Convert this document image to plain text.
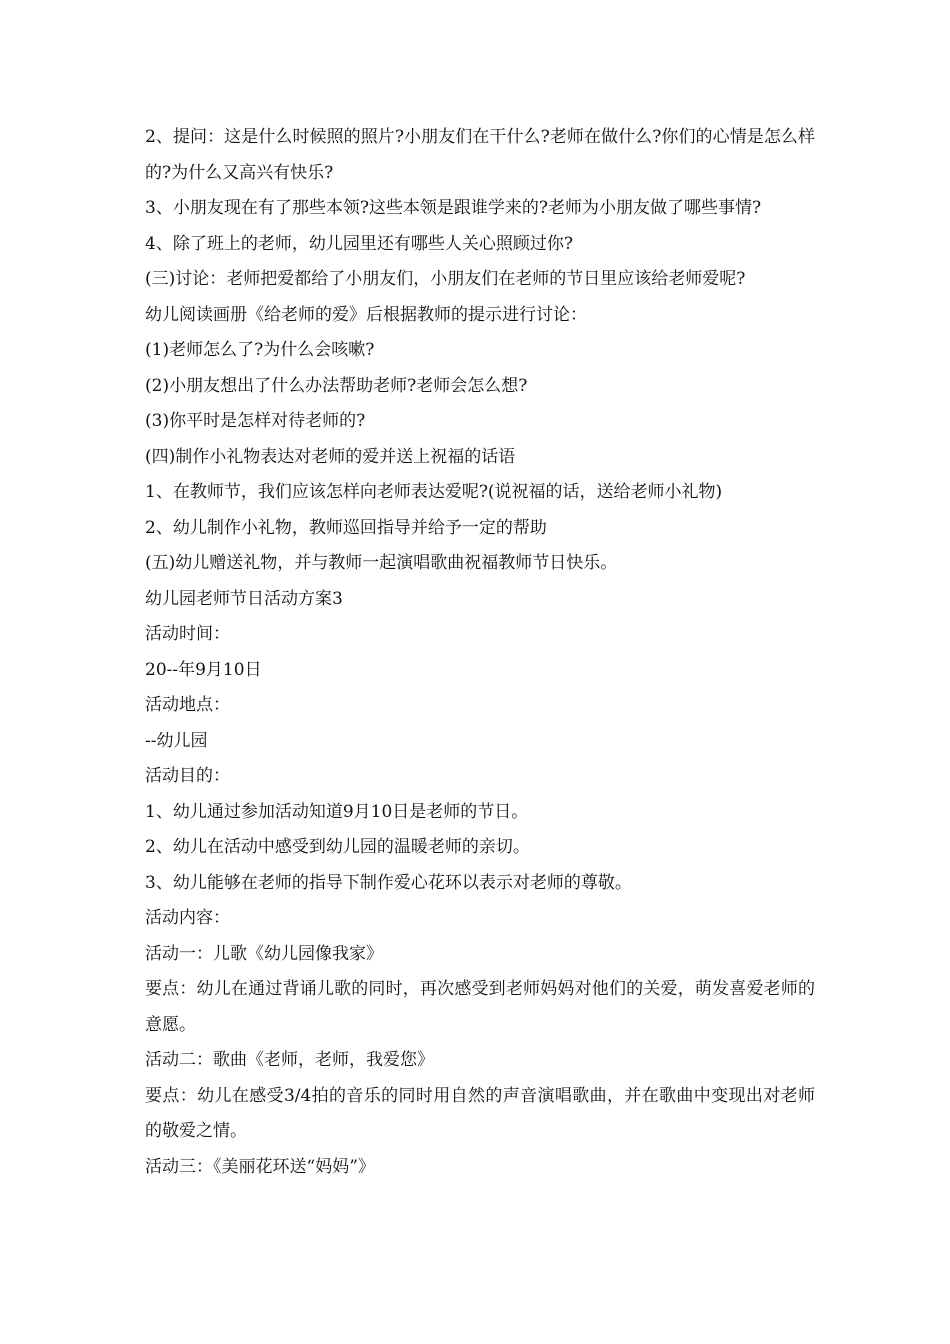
2、提问：这是什么时候照的照片?小朋友们在干什么?老师在做什么?你们的心情是怎么样的?为什么又高兴有快乐?

3、小朋友现在有了那些本领?这些本领是跟谁学来的?老师为小朋友做了哪些事情?

4、除了班上的老师，幼儿园里还有哪些人关心照顾过你?

(三)讨论：老师把爱都给了小朋友们，小朋友们在老师的节日里应该给老师爱呢?

幼儿阅读画册《给老师的爱》后根据教师的提示进行讨论：

(1)老师怎么了?为什么会咳嗽?

(2)小朋友想出了什么办法帮助老师?老师会怎么想?

(3)你平时是怎样对待老师的?

(四)制作小礼物表达对老师的爱并送上祝福的话语

1、在教师节，我们应该怎样向老师表达爱呢?(说祝福的话，送给老师小礼物)

2、幼儿制作小礼物，教师巡回指导并给予一定的帮助

(五)幼儿赠送礼物，并与教师一起演唱歌曲祝福教师节日快乐。

幼儿园老师节日活动方案3

活动时间：

20--年9月10日

活动地点：

--幼儿园

活动目的：

1、幼儿通过参加活动知道9月10日是老师的节日。

2、幼儿在活动中感受到幼儿园的温暖老师的亲切。

3、幼儿能够在老师的指导下制作爱心花环以表示对老师的尊敬。

活动内容：

活动一：儿歌《幼儿园像我家》

要点：幼儿在通过背诵儿歌的同时，再次感受到老师妈妈对他们的关爱，萌发喜爱老师的意愿。

活动二：歌曲《老师，老师，我爱您》

要点：幼儿在感受3/4拍的音乐的同时用自然的声音演唱歌曲，并在歌曲中变现出对老师的敬爱之情。

活动三：《美丽花环送“妈妈”》
